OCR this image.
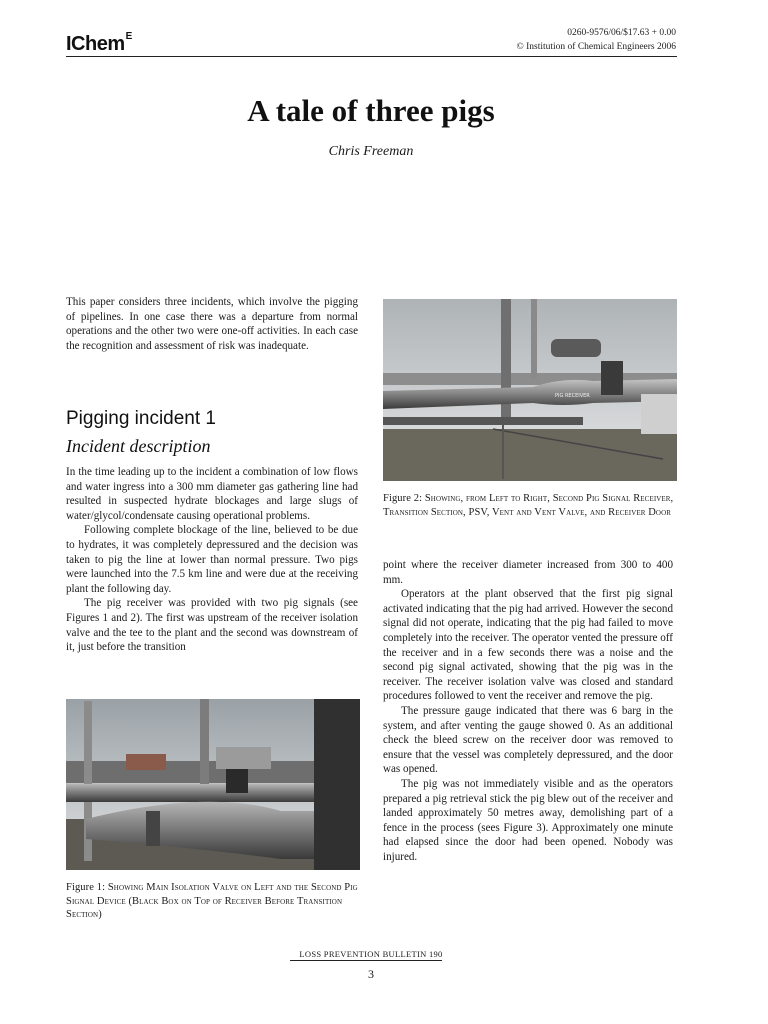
IChem$^E$	0260-9576/06/$17.63 + 0.00
© Institution of Chemical Engineers 2006
A tale of three pigs
Chris Freeman

This paper considers three incidents, which involve the pigging of pipelines. In one case there was a departure from normal operations and the other two were one-off activities. In each case the recognition and assessment of risk was inadequate.

Pigging incident 1
Incident description

In the time leading up to the incident a combination of low flows and water ingress into a 300 mm diameter gas gathering line had resulted in suspected hydrate blockages and large slugs of water/glycol/condensate causing operational problems.

Following complete blockage of the line, believed to be due to hydrates, it was completely depressured and the decision was taken to pig the line at lower than normal pressure. Two pigs were launched into the 7.5 km line and were due at the receiving plant the following day.

The pig receiver was provided with two pig signals (see Figures 1 and 2). The first was upstream of the receiver isolation valve and the tee to the plant and the second was downstream of it, just before the transition

Figure 1: Showing Main Isolation Valve on Left and the Second Pig Signal Device (Black Box on Top of Receiver Before Transition Section)
PIG RECEIVER
Figure 2: Showing, from Left to Right, Second Pig Signal Receiver, Transition Section, PSV, Vent and Vent Valve, and Receiver Door

point where the receiver diameter increased from 300 to 400 mm.

Operators at the plant observed that the first pig signal activated indicating that the pig had arrived. However the second signal did not operate, indicating that the pig had failed to move completely into the receiver. The operator vented the pressure off the receiver and in a few seconds there was a noise and the second pig signal activated, showing that the pig was in the receiver. The receiver isolation valve was closed and standard procedures followed to vent the receiver and remove the pig.

The pressure gauge indicated that there was 6 barg in the system, and after venting the gauge showed 0. As an additional check the bleed screw on the receiver door was removed to ensure that the vessel was completely depressured, and the door was opened.

The pig was not immediately visible and as the operators prepared a pig retrieval stick the pig blew out of the receiver and landed approximately 50 metres away, demolishing part of a fence in the process (sees Figure 3). Approximately one minute had elapsed since the door had been opened. Nobody was injured.

LOSS PREVENTION BULLETIN 190
3
